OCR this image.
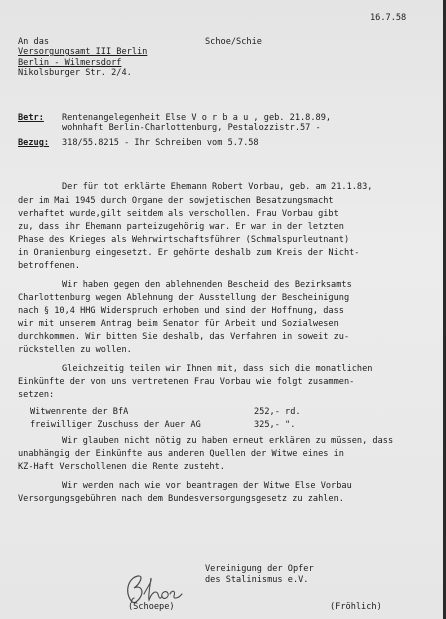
16.7.58
An das
Versorgungsamt III Berlin
Berlin - Wilmersdorf
Nikolsburger Str. 2/4.
Schoe/Schie
Betr: Rentenangelegenheit Else V o r b a u , geb. 21.8.89,
wohnhaft Berlin-Charlottenburg, Pestalozzistr.57 -
Bezug: 318/55.8215 - Ihr Schreiben vom 5.7.58
Der für tot erklärte Ehemann Robert Vorbau, geb. am 21.1.83,
der im Mai 1945 durch Organe der sowjetischen Besatzungsmacht
verhaftet wurde,gilt seitdem als verschollen. Frau Vorbau gibt
zu, dass ihr Ehemann parteizugehörig war. Er war in der letzten
Phase des Krieges als Wehrwirtschaftsführer (Schmalspurleutnant)
in Oranienburg eingesetzt. Er gehörte deshalb zum Kreis der Nicht-
betroffenen.
Wir haben gegen den ablehnenden Bescheid des Bezirksamts
Charlottenburg wegen Ablehnung der Ausstellung der Bescheinigung
nach § 10,4 HHG Widerspruch erhoben und sind der Hoffnung, dass
wir mit unserem Antrag beim Senator für Arbeit und Sozialwesen
durchkommen. Wir bitten Sie deshalb, das Verfahren in soweit zu-
rückstellen zu wollen.
Gleichzeitig teilen wir Ihnen mit, dass sich die monatlichen
Einkünfte der von uns vertretenen Frau Vorbau wie folgt zusammen-
setzen:
Witwenrente der BfA	252,- rd.
freiwilliger Zuschuss der Auer AG	325,- ".
Wir glauben nicht nötig zu haben erneut erklären zu müssen, dass
unabhängig der Einkünfte aus anderen Quellen der Witwe eines in
KZ-Haft Verschollenen die Rente zusteht.
Wir werden nach wie vor beantragen der Witwe Else Vorbau
Versorgungsgebühren nach dem Bundesversorgungsgesetz zu zahlen.
Vereinigung der Opfer
des Stalinismus e.V.
(Schoepe)	(Fröhlich)
